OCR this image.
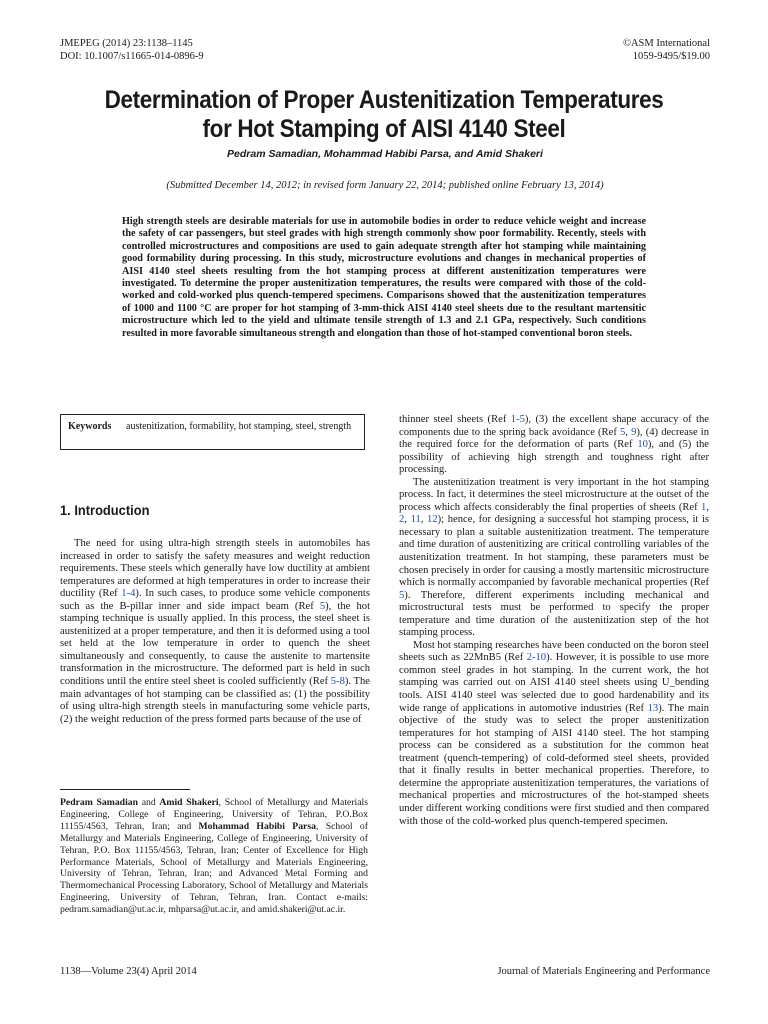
JMEPEG (2014) 23:1138–1145
DOI: 10.1007/s11665-014-0896-9
©ASM International
1059-9495/$19.00
Determination of Proper Austenitization Temperatures
for Hot Stamping of AISI 4140 Steel
Pedram Samadian, Mohammad Habibi Parsa, and Amid Shakeri
(Submitted December 14, 2012; in revised form January 22, 2014; published online February 13, 2014)
High strength steels are desirable materials for use in automobile bodies in order to reduce vehicle weight and increase the safety of car passengers, but steel grades with high strength commonly show poor formability. Recently, steels with controlled microstructures and compositions are used to gain adequate strength after hot stamping while maintaining good formability during processing. In this study, microstructure evolutions and changes in mechanical properties of AISI 4140 steel sheets resulting from the hot stamping process at different austenitization temperatures were investigated. To determine the proper austenitization temperatures, the results were compared with those of the cold-worked and cold-worked plus quench-tempered specimens. Comparisons showed that the austenitization temperatures of 1000 and 1100 °C are proper for hot stamping of 3-mm-thick AISI 4140 steel sheets due to the resultant martensitic microstructure which led to the yield and ultimate tensile strength of 1.3 and 2.1 GPa, respectively. Such conditions resulted in more favorable simultaneous strength and elongation than those of hot-stamped conventional boron steels.
Keywords	austenitization, formability, hot stamping, steel, strength
1. Introduction

The need for using ultra-high strength steels in automobiles has increased in order to satisfy the safety measures and weight reduction requirements. These steels which generally have low ductility at ambient temperatures are deformed at high temperatures in order to increase their ductility (Ref 1-4). In such cases, to produce some vehicle components such as the B-pillar inner and side impact beam (Ref 5), the hot stamping technique is usually applied. In this process, the steel sheet is austenitized at a proper temperature, and then it is deformed using a tool set held at the low temperature in order to quench the sheet simultaneously and consequently, to cause the austenite to martensite transformation in the microstructure. The deformed part is held in such conditions until the entire steel sheet is cooled sufficiently (Ref 5-8). The main advantages of hot stamping can be classified as: (1) the possibility of using ultra-high strength steels in manufacturing some vehicle parts, (2) the weight reduction of the press formed parts because of the use of

Pedram Samadian and Amid Shakeri, School of Metallurgy and Materials Engineering, College of Engineering, University of Tehran, P.O.Box 11155/4563, Tehran, Iran; and Mohammad Habibi Parsa, School of Metallurgy and Materials Engineering, College of Engineering, University of Tehran, P.O. Box 11155/4563, Tehran, Iran; Center of Excellence for High Performance Materials, School of Metallurgy and Materials Engineering, University of Tehran, Tehran, Iran; and Advanced Metal Forming and Thermomechanical Processing Laboratory, School of Metallurgy and Materials Engineering, University of Tehran, Tehran, Iran. Contact e-mails: pedram.samadian@ut.ac.ir, mhparsa@ut.ac.ir, and amid.shakeri@ut.ac.ir.

thinner steel sheets (Ref 1-5), (3) the excellent shape accuracy of the components due to the spring back avoidance (Ref 5, 9), (4) decrease in the required force for the deformation of parts (Ref 10), and (5) the possibility of achieving high strength and toughness right after processing.

The austenitization treatment is very important in the hot stamping process. In fact, it determines the steel microstructure at the outset of the process which affects considerably the final properties of sheets (Ref 1, 2, 11, 12); hence, for designing a successful hot stamping process, it is necessary to plan a suitable austenitization treatment. The temperature and time duration of austenitizing are critical controlling variables of the austenitization treatment. In hot stamping, these parameters must be chosen precisely in order for causing a mostly martensitic microstructure which is normally accompanied by favorable mechanical properties (Ref 5). Therefore, different experiments including mechanical and microstructural tests must be performed to specify the proper temperature and time duration of the austenitization step of the hot stamping process.

Most hot stamping researches have been conducted on the boron steel sheets such as 22MnB5 (Ref 2-10). However, it is possible to use more common steel grades in hot stamping. In the current work, the hot stamping was carried out on AISI 4140 steel sheets using U_bending tools. AISI 4140 steel was selected due to good hardenability and its wide range of applications in automotive industries (Ref 13). The main objective of the study was to select the proper austenitization temperatures for hot stamping of AISI 4140 steel. The hot stamping process can be considered as a substitution for the common heat treatment (quench-tempering) of cold-deformed steel sheets, provided that it finally results in better mechanical properties. Therefore, to determine the appropriate austenitization temperatures, the variations of mechanical properties and microstructures of the hot-stamped sheets under different working conditions were first studied and then compared with those of the cold-worked plus quench-tempered specimen.

1138—Volume 23(4) April 2014	Journal of Materials Engineering and Performance
